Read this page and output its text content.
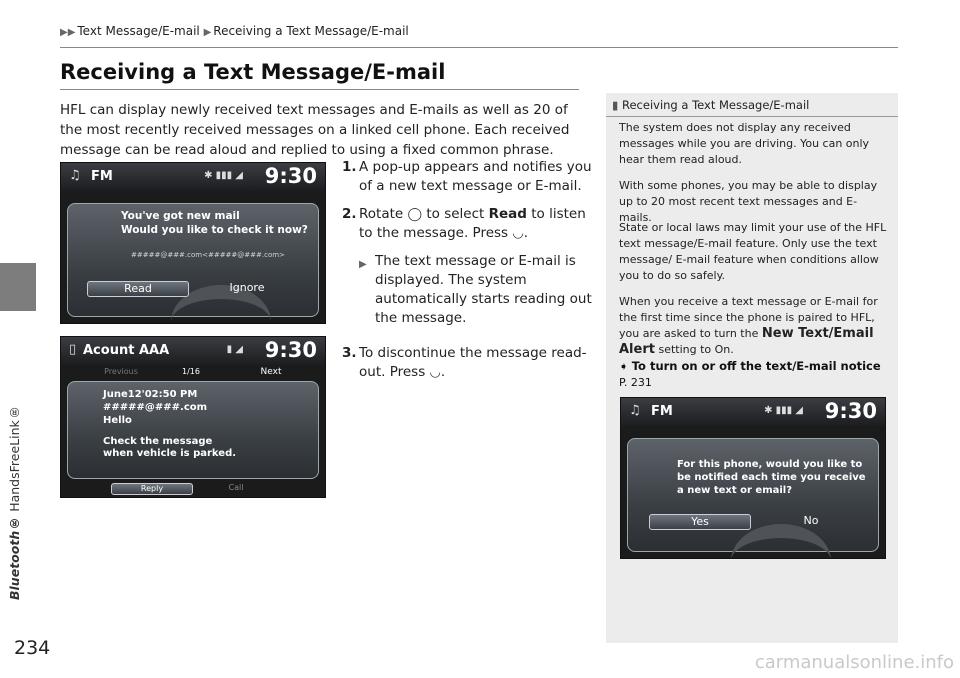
Bluetooth® HandsFreeLink®
▶▶ Text Message/E-mail ▶ Receiving a Text Message/E-mail
Receiving a Text Message/E-mail
HFL can display newly received text messages and E-mails as well as 20 of the most recently received messages on a linked cell phone. Each received message can be read aloud and replied to using a fixed common phrase.
♫ FM	✱ ▮▮▮ ◢ 9:30
You've got new mail
Would you like to check it now?
#####@###.com<#####@###.com>
Read	Ignore
▯ Acount AAA	▮ ◢ 9:30
Previous	1/16	Next
June12'02:50 PM
#####@###.com
Hello
Check the message
when vehicle is parked.
Reply	Call
1. A pop-up appears and notifies you of a new text message or E-mail.
2. Rotate ◯ to select Read to listen to the message. Press ◡.
▶ The text message or E-mail is displayed. The system automatically starts reading out the message.
3. To discontinue the message read-out. Press ◡.
▮ Receiving a Text Message/E-mail
The system does not display any received messages while you are driving. You can only hear them read aloud.
With some phones, you may be able to display up to 20 most recent text messages and E-mails.
State or local laws may limit your use of the HFL text message/E-mail feature. Only use the text message/ E-mail feature when conditions allow you to do so safely.
When you receive a text message or E-mail for the first time since the phone is paired to HFL, you are asked to turn the New Text/Email Alert setting to On.
➧ To turn on or off the text/E-mail notice
P. 231
♫ FM	✱ ▮▮▮ ◢ 9:30
For this phone, would you like to
be notified each time you receive
a new text or email?
Yes	No
234
carmanualsonline.info
